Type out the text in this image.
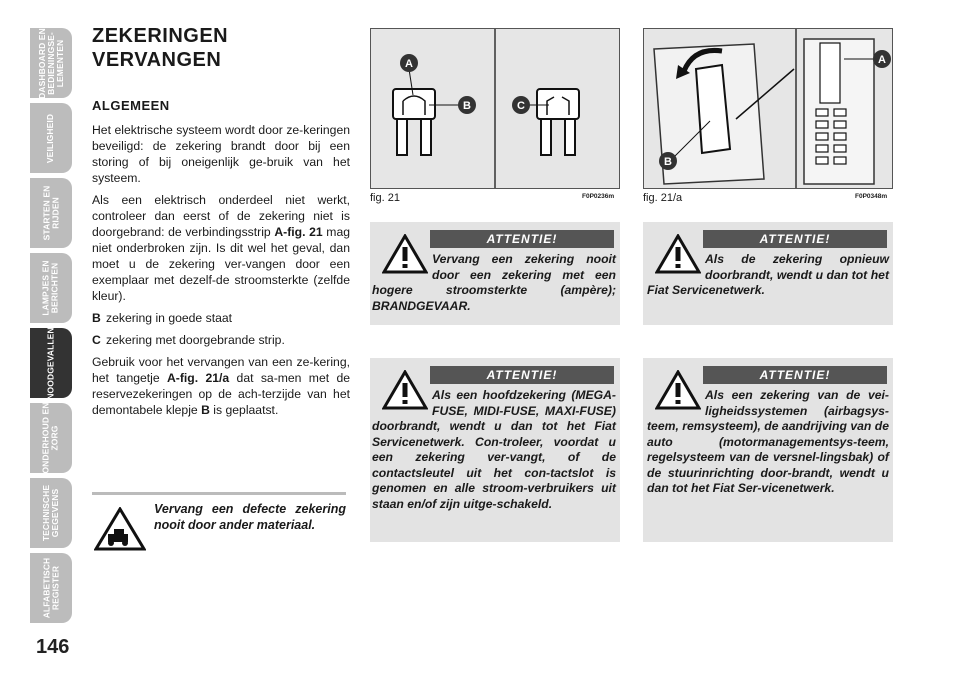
DASHBOARD EN
BEDIENINGSE-
LEMENTEN
VEILIGHEID
STARTEN EN
RIJDEN
LAMPJES EN
BERICHTEN
NOODGEVALLEN
ONDERHOUD EN
ZORG
TECHNISCHE
GEGEVENS
ALFABETISCH
REGISTER
146
ZEKERINGEN
VERVANGEN
ALGEMEEN

Het elektrische systeem wordt door ze-keringen beveiligd: de zekering brandt door bij een storing of bij oneigenlijk ge-bruik van het systeem.

Als een elektrisch onderdeel niet werkt, controleer dan eerst of de zekering niet is doorgebrand: de verbindingsstrip A-fig. 21 mag niet onderbroken zijn. Is dit wel het geval, dan moet u de zekering ver-vangen door een exemplaar met dezelf-de stroomsterkte (zelfde kleur).

B zekering in goede staat
C zekering met doorgebrande strip.

Gebruik voor het vervangen van een ze-kering, het tangetje A-fig. 21/a dat sa-men met de reservezekeringen op de ach-terzijde van het demontabele klepje B is geplaatst.

Vervang een defecte zekering nooit door ander materiaal.
A
B	C
fig. 21	F0P0236m
A
B
fig. 21/a	F0P0348m
ATTENTIE!
Vervang een zekering nooit door een zekering met een hogere stroomsterkte (ampère); BRANDGEVAAR.
ATTENTIE!
Als de zekering opnieuw doorbrandt, wendt u dan tot het Fiat Servicenetwerk.
ATTENTIE!
Als een hoofdzekering (MEGA-FUSE, MIDI-FUSE, MAXI-FUSE) doorbrandt, wendt u dan tot het Fiat Servicenetwerk. Con-troleer, voordat u een zekering ver-vangt, of de contactsleutel uit het con-tactslot is genomen en alle stroom-verbruikers uit staan en/of zijn uitge-schakeld.
ATTENTIE!
Als een zekering van de vei-ligheidssystemen (airbagsys-teem, remsysteem), de aandrijving van de auto (motormanagementsys-teem, regelsysteem van de versnel-lingsbak) of de stuurinrichting door-brandt, wendt u dan tot het Fiat Ser-vicenetwerk.
